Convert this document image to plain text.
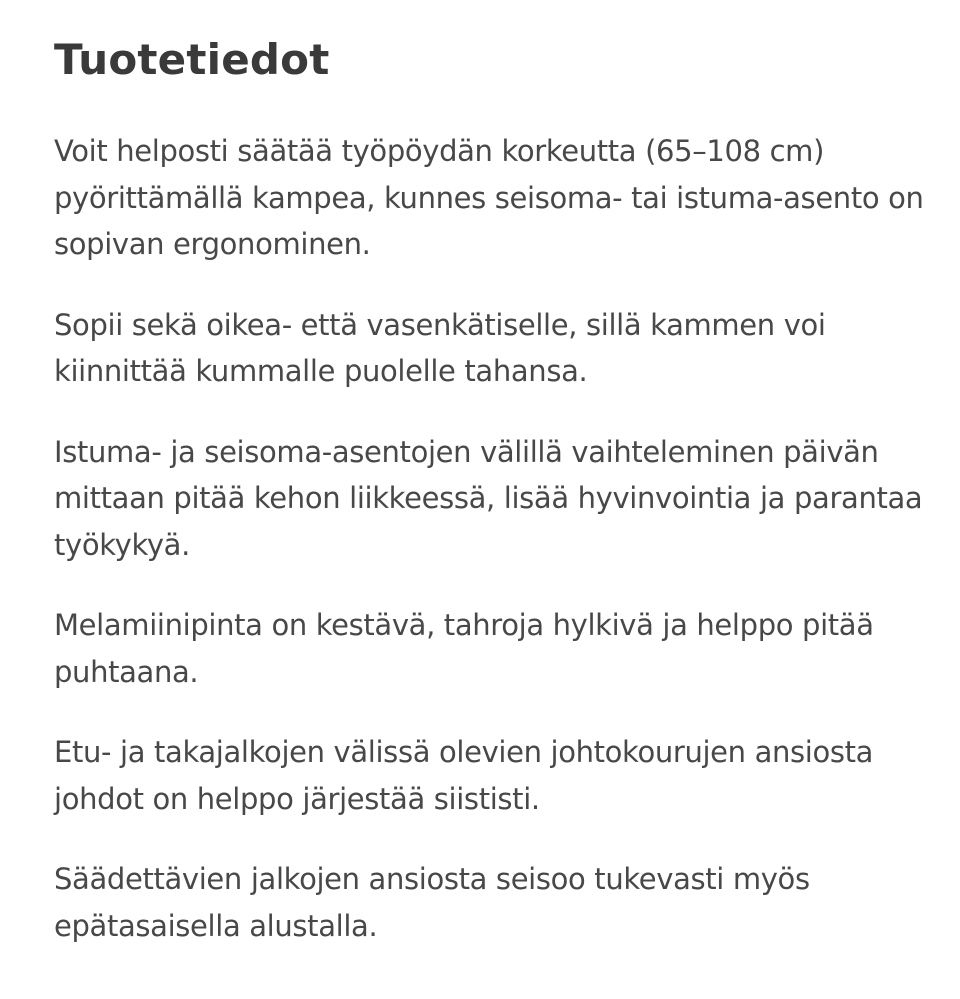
Tuotetiedot

Voit helposti säätää työpöydän korkeutta (65–108 cm) pyörittämällä kampea, kunnes seisoma- tai istuma-asento on sopivan ergonominen.

Sopii sekä oikea- että vasenkätiselle, sillä kammen voi kiinnittää kummalle puolelle tahansa.

Istuma- ja seisoma-asentojen välillä vaihteleminen päivän mittaan pitää kehon liikkeessä, lisää hyvinvointia ja parantaa työkykyä.

Melamiinipinta on kestävä, tahroja hylkivä ja helppo pitää puhtaana.

Etu- ja takajalkojen välissä olevien johtokourujen ansiosta johdot on helppo järjestää siististi.

Säädettävien jalkojen ansiosta seisoo tukevasti myös epätasaisella alustalla.
